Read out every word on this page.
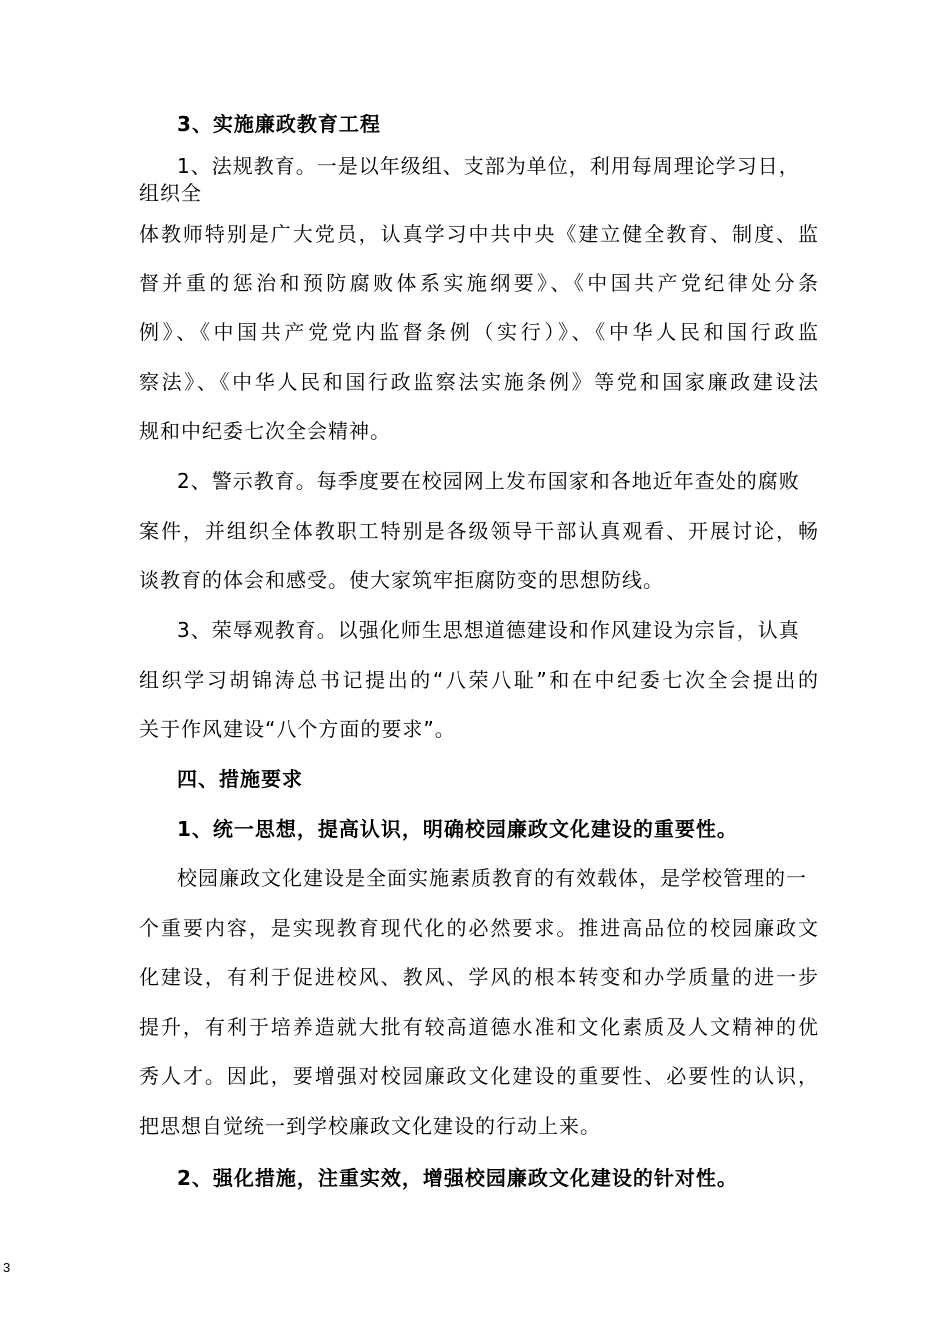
3、实施廉政教育工程
1、法规教育。一是以年级组、支部为单位，利用每周理论学习日，
组织全
体教师特别是广大党员，认真学习中共中央《建立健全教育、制度、监
督并重的惩治和预防腐败体系实施纲要》、《中国共产党纪律处分条
例》、《中国共产党党内监督条例（实行）》、《中华人民和国行政监
察法》、《中华人民和国行政监察法实施条例》等党和国家廉政建设法
规和中纪委七次全会精神。
2、警示教育。每季度要在校园网上发布国家和各地近年查处的腐败
案件，并组织全体教职工特别是各级领导干部认真观看、开展讨论，畅
谈教育的体会和感受。使大家筑牢拒腐防变的思想防线。
3、荣辱观教育。以强化师生思想道德建设和作风建设为宗旨，认真
组织学习胡锦涛总书记提出的“八荣八耻”和在中纪委七次全会提出的
关于作风建设“八个方面的要求”。
四、措施要求
1、统一思想，提高认识，明确校园廉政文化建设的重要性。
校园廉政文化建设是全面实施素质教育的有效载体，是学校管理的一
个重要内容，是实现教育现代化的必然要求。推进高品位的校园廉政文
化建设，有利于促进校风、教风、学风的根本转变和办学质量的进一步
提升，有利于培养造就大批有较高道德水准和文化素质及人文精神的优
秀人才。因此，要增强对校园廉政文化建设的重要性、必要性的认识，
把思想自觉统一到学校廉政文化建设的行动上来。
2、强化措施，注重实效，增强校园廉政文化建设的针对性。
3
